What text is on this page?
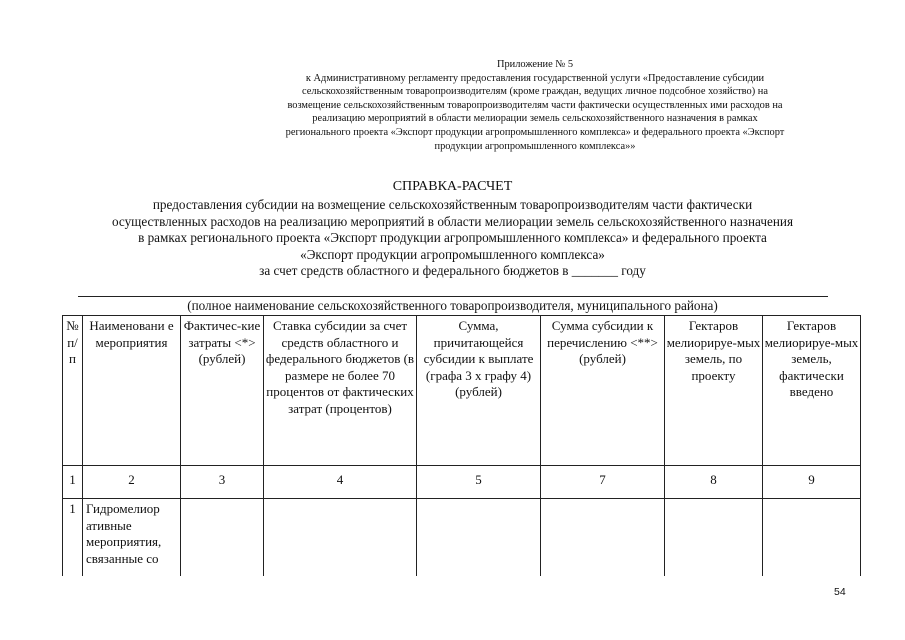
Приложение № 5
к Административному регламенту предоставления государственной услуги «Предоставление субсидии
сельскохозяйственным товаропроизводителям (кроме граждан, ведущих личное подсобное хозяйство) на
возмещение сельскохозяйственным товаропроизводителям части фактически осуществленных ими расходов на
реализацию мероприятий в области мелиорации земель сельскохозяйственного назначения в рамках
регионального проекта «Экспорт продукции агропромышленного комплекса» и федерального проекта «Экспорт
продукции агропромышленного комплекса»»
СПРАВКА-РАСЧЕТ
предоставления субсидии на возмещение сельскохозяйственным товаропроизводителям части фактически
осуществленных расходов на реализацию мероприятий в области мелиорации земель сельскохозяйственного назначения
в рамках регионального проекта «Экспорт продукции агропромышленного комплекса» и федерального проекта
«Экспорт продукции агропромышленного комплекса»
за счет средств областного и федерального бюджетов в _______ году
(полное наименование сельскохозяйственного товаропроизводителя, муниципального района)
№ п/п	Наименовани е мероприятия	Фактичес-кие затраты <*> (рублей)	Ставка субсидии за счет средств областного и федерального бюджетов (в размере не более 70 процентов от фактических затрат (процентов)	Сумма, причитающейся субсидии к выплате (графа 3 x графу 4) (рублей)	Сумма субсидии к перечислению <**> (рублей)	Гектаров мелиорируе-мых земель, по проекту	Гектаров мелиорируе-мых земель, фактически введено
1	2	3	4	5	7	8	9
1	Гидромелиор ативные мероприятия, связанные со						
54
